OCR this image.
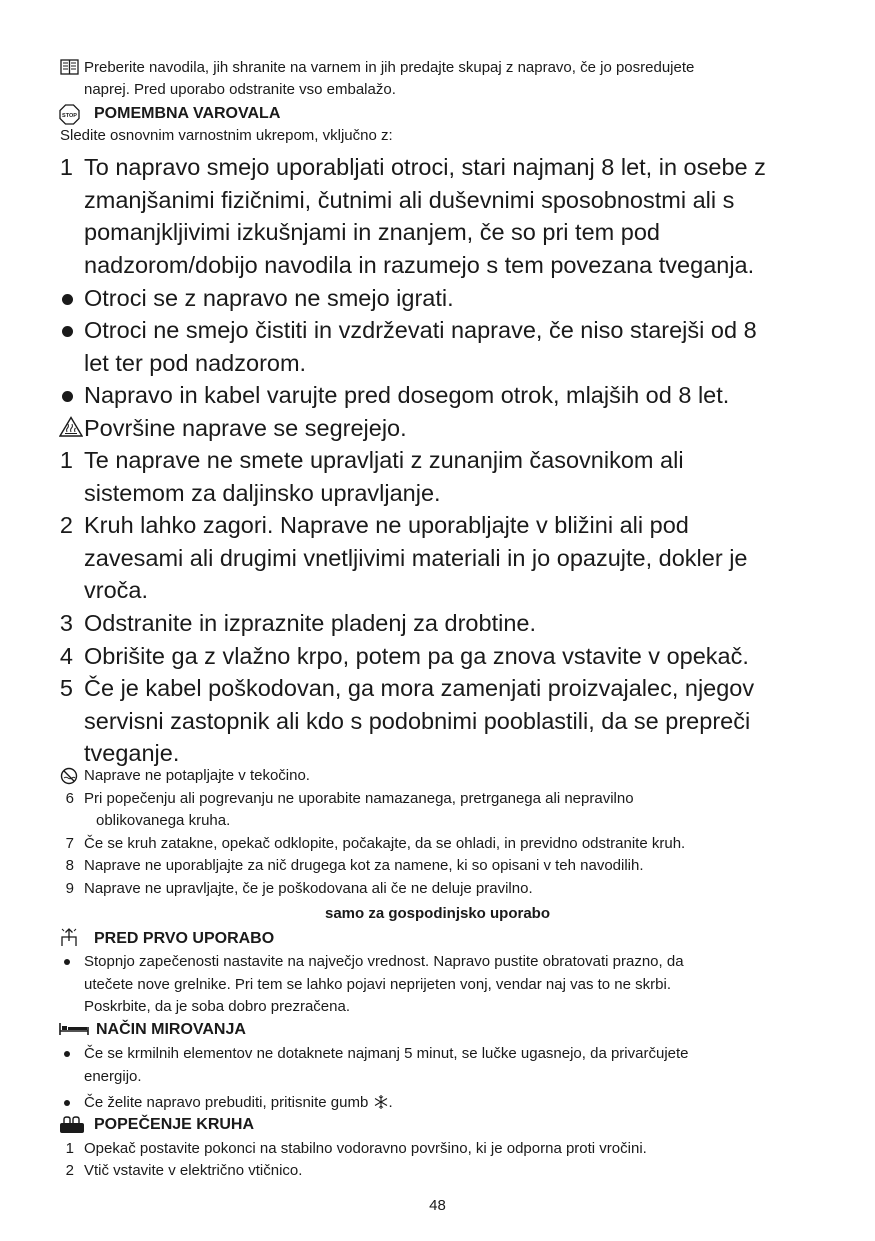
Preberite navodila, jih shranite na varnem in jih predajte skupaj z napravo, če jo posredujete
naprej. Pred uporabo odstranite vso embalažo.
STOP POMEMBNA VAROVALA
Sledite osnovnim varnostnim ukrepom, vključno z:
1 To napravo smejo uporabljati otroci, stari najmanj 8 let, in osebe z
zmanjšanimi fizičnimi, čutnimi ali duševnimi sposobnostmi ali s
pomanjkljivimi izkušnjami in znanjem, če so pri tem pod
nadzorom/dobijo navodila in razumejo s tem povezana tveganja.
Otroci se z napravo ne smejo igrati.
Otroci ne smejo čistiti in vzdrževati naprave, če niso starejši od 8
let ter pod nadzorom.
Napravo in kabel varujte pred dosegom otrok, mlajših od 8 let.
Površine naprave se segrejejo.
1 Te naprave ne smete upravljati z zunanjim časovnikom ali
sistemom za daljinsko upravljanje.
2 Kruh lahko zagori. Naprave ne uporabljajte v bližini ali pod
zavesami ali drugimi vnetljivimi materiali in jo opazujte, dokler je
vroča.
3 Odstranite in izpraznite pladenj za drobtine.
4 Obrišite ga z vlažno krpo, potem pa ga znova vstavite v opekač.
5 Če je kabel poškodovan, ga mora zamenjati proizvajalec, njegov
servisni zastopnik ali kdo s podobnimi pooblastili, da se prepreči
tveganje.
Naprave ne potapljajte v tekočino.
6 Pri popečenju ali pogrevanju ne uporabite namazanega, pretrganega ali nepravilno
oblikovanega kruha.
7 Če se kruh zatakne, opekač odklopite, počakajte, da se ohladi, in previdno odstranite kruh.
8 Naprave ne uporabljajte za nič drugega kot za namene, ki so opisani v teh navodilih.
9 Naprave ne upravljajte, če je poškodovana ali če ne deluje pravilno.
samo za gospodinjsko uporabo
PRED PRVO UPORABO
Stopnjo zapečenosti nastavite na največjo vrednost. Napravo pustite obratovati prazno, da
utečete nove grelnike. Pri tem se lahko pojavi neprijeten vonj, vendar naj vas to ne skrbi.
Poskrbite, da je soba dobro prezračena.
NAČIN MIROVANJA
Če se krmilnih elementov ne dotaknete najmanj 5 minut, se lučke ugasnejo, da privarčujete
energijo.
Če želite napravo prebuditi, pritisnite gumb .
POPEČENJE KRUHA
1 Opekač postavite pokonci na stabilno vodoravno površino, ki je odporna proti vročini.
2 Vtič vstavite v električno vtičnico.
48
